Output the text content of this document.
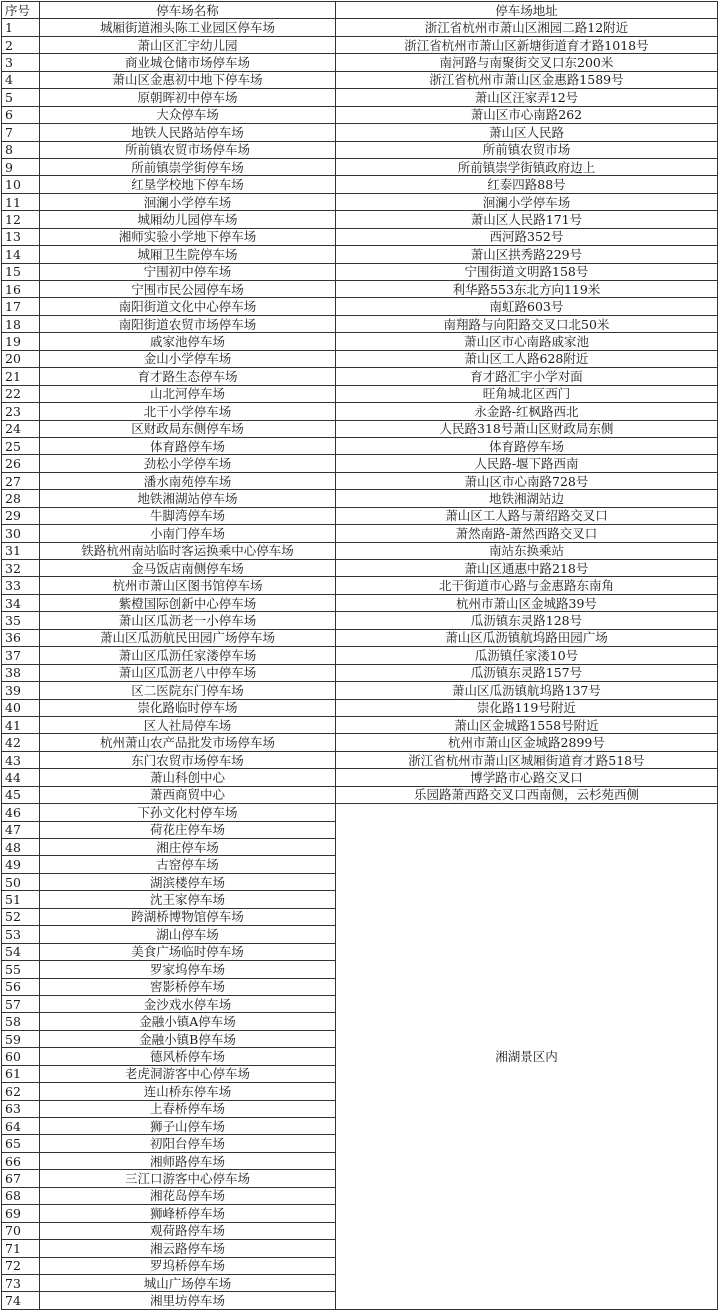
序号	停车场名称	停车场地址
1	城厢街道湘头陈工业园区停车场	浙江省杭州市萧山区湘园二路12附近
2	萧山区汇宇幼儿园	浙江省杭州市萧山区新塘街道育才路1018号
3	商业城仓储市场停车场	南河路与南聚街交叉口东200米
4	萧山区金惠初中地下停车场	浙江省杭州市萧山区金惠路1589号
5	原朝晖初中停车场	萧山区汪家弄12号
6	大众停车场	萧山区市心南路262
7	地铁人民路站停车场	萧山区人民路
8	所前镇农贸市场停车场	所前镇农贸市场
9	所前镇崇学街停车场	所前镇崇学街镇政府边上
10	红垦学校地下停车场	红泰四路88号
11	洄澜小学停车场	洄澜小学停车场
12	城厢幼儿园停车场	萧山区人民路171号
13	湘师实验小学地下停车场	西河路352号
14	城厢卫生院停车场	萧山区拱秀路229号
15	宁围初中停车场	宁围街道文明路158号
16	宁围市民公园停车场	利华路553东北方向119米
17	南阳街道文化中心停车场	南虹路603号
18	南阳街道农贸市场停车场	南翔路与向阳路交叉口北50米
19	戚家池停车场	萧山区市心南路戚家池
20	金山小学停车场	萧山区工人路628附近
21	育才路生态停车场	育才路汇宇小学对面
22	山北河停车场	旺角城北区西门
23	北干小学停车场	永金路-红枫路西北
24	区财政局东侧停车场	人民路318号萧山区财政局东侧
25	体育路停车场	体育路停车场
26	劲松小学停车场	人民路-堰下路西南
27	潘水南苑停车场	萧山区市心南路728号
28	地铁湘湖站停车场	地铁湘湖站边
29	牛脚湾停车场	萧山区工人路与萧绍路交叉口
30	小南门停车场	萧然南路-萧然西路交叉口
31	铁路杭州南站临时客运换乘中心停车场	南站东换乘站
32	金马饭店南侧停车场	萧山区通惠中路218号
33	杭州市萧山区图书馆停车场	北干街道市心路与金惠路东南角
34	紫橙国际创新中心停车场	杭州市萧山区金城路39号
35	萧山区瓜沥老一小停车场	瓜沥镇东灵路128号
36	萧山区瓜沥航民田园广场停车场	萧山区瓜沥镇航坞路田园广场
37	萧山区瓜沥任家溇停车场	瓜沥镇任家溇10号
38	萧山区瓜沥老八中停车场	瓜沥镇东灵路157号
39	区二医院东门停车场	萧山区瓜沥镇航坞路137号
40	崇化路临时停车场	崇化路119号附近
41	区人社局停车场	萧山区金城路1558号附近
42	杭州萧山农产品批发市场停车场	杭州市萧山区金城路2899号
43	东门农贸市场停车场	浙江省杭州市萧山区城厢街道育才路518号
44	萧山科创中心	博学路市心路交叉口
45	萧西商贸中心	乐园路萧西路交叉口西南侧，云杉苑西侧
46	下孙文化村停车场	湘湖景区内
47	荷花庄停车场	
48	湘庄停车场	
49	古窑停车场	
50	湖滨楼停车场	
51	沈王家停车场	
52	跨湖桥博物馆停车场	
53	湖山停车场	
54	美食广场临时停车场	
55	罗家坞停车场	
56	窖影桥停车场	
57	金沙戏水停车场	
58	金融小镇A停车场	
59	金融小镇B停车场	
60	德风桥停车场	
61	老虎洞游客中心停车场	
62	连山桥东停车场	
63	上春桥停车场	
64	狮子山停车场	
65	初阳台停车场	
66	湘师路停车场	
67	三江口游客中心停车场	
68	湘花岛停车场	
69	狮峰桥停车场	
70	观荷路停车场	
71	湘云路停车场	
72	罗坞桥停车场	
73	城山广场停车场	
74	湘里坊停车场	
